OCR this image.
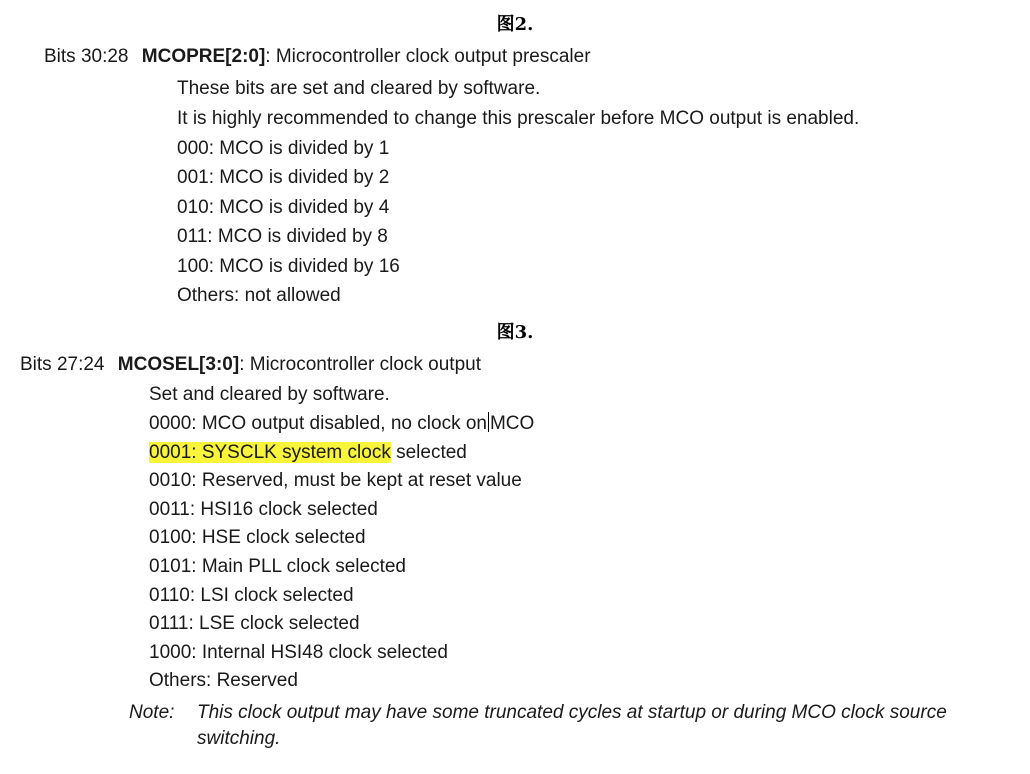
图2.
Bits 30:28 MCOPRE[2:0]: Microcontroller clock output prescaler
These bits are set and cleared by software.
It is highly recommended to change this prescaler before MCO output is enabled.
000: MCO is divided by 1
001: MCO is divided by 2
010: MCO is divided by 4
011: MCO is divided by 8
100: MCO is divided by 16
Others: not allowed
图3.
Bits 27:24 MCOSEL[3:0]: Microcontroller clock output
Set and cleared by software.
0000: MCO output disabled, no clock on MCO
0001: SYSCLK system clock selected
0010: Reserved, must be kept at reset value
0011: HSI16 clock selected
0100: HSE clock selected
0101: Main PLL clock selected
0110: LSI clock selected
0111: LSE clock selected
1000: Internal HSI48 clock selected
Others: Reserved
Note: This clock output may have some truncated cycles at startup or during MCO clock source switching.
